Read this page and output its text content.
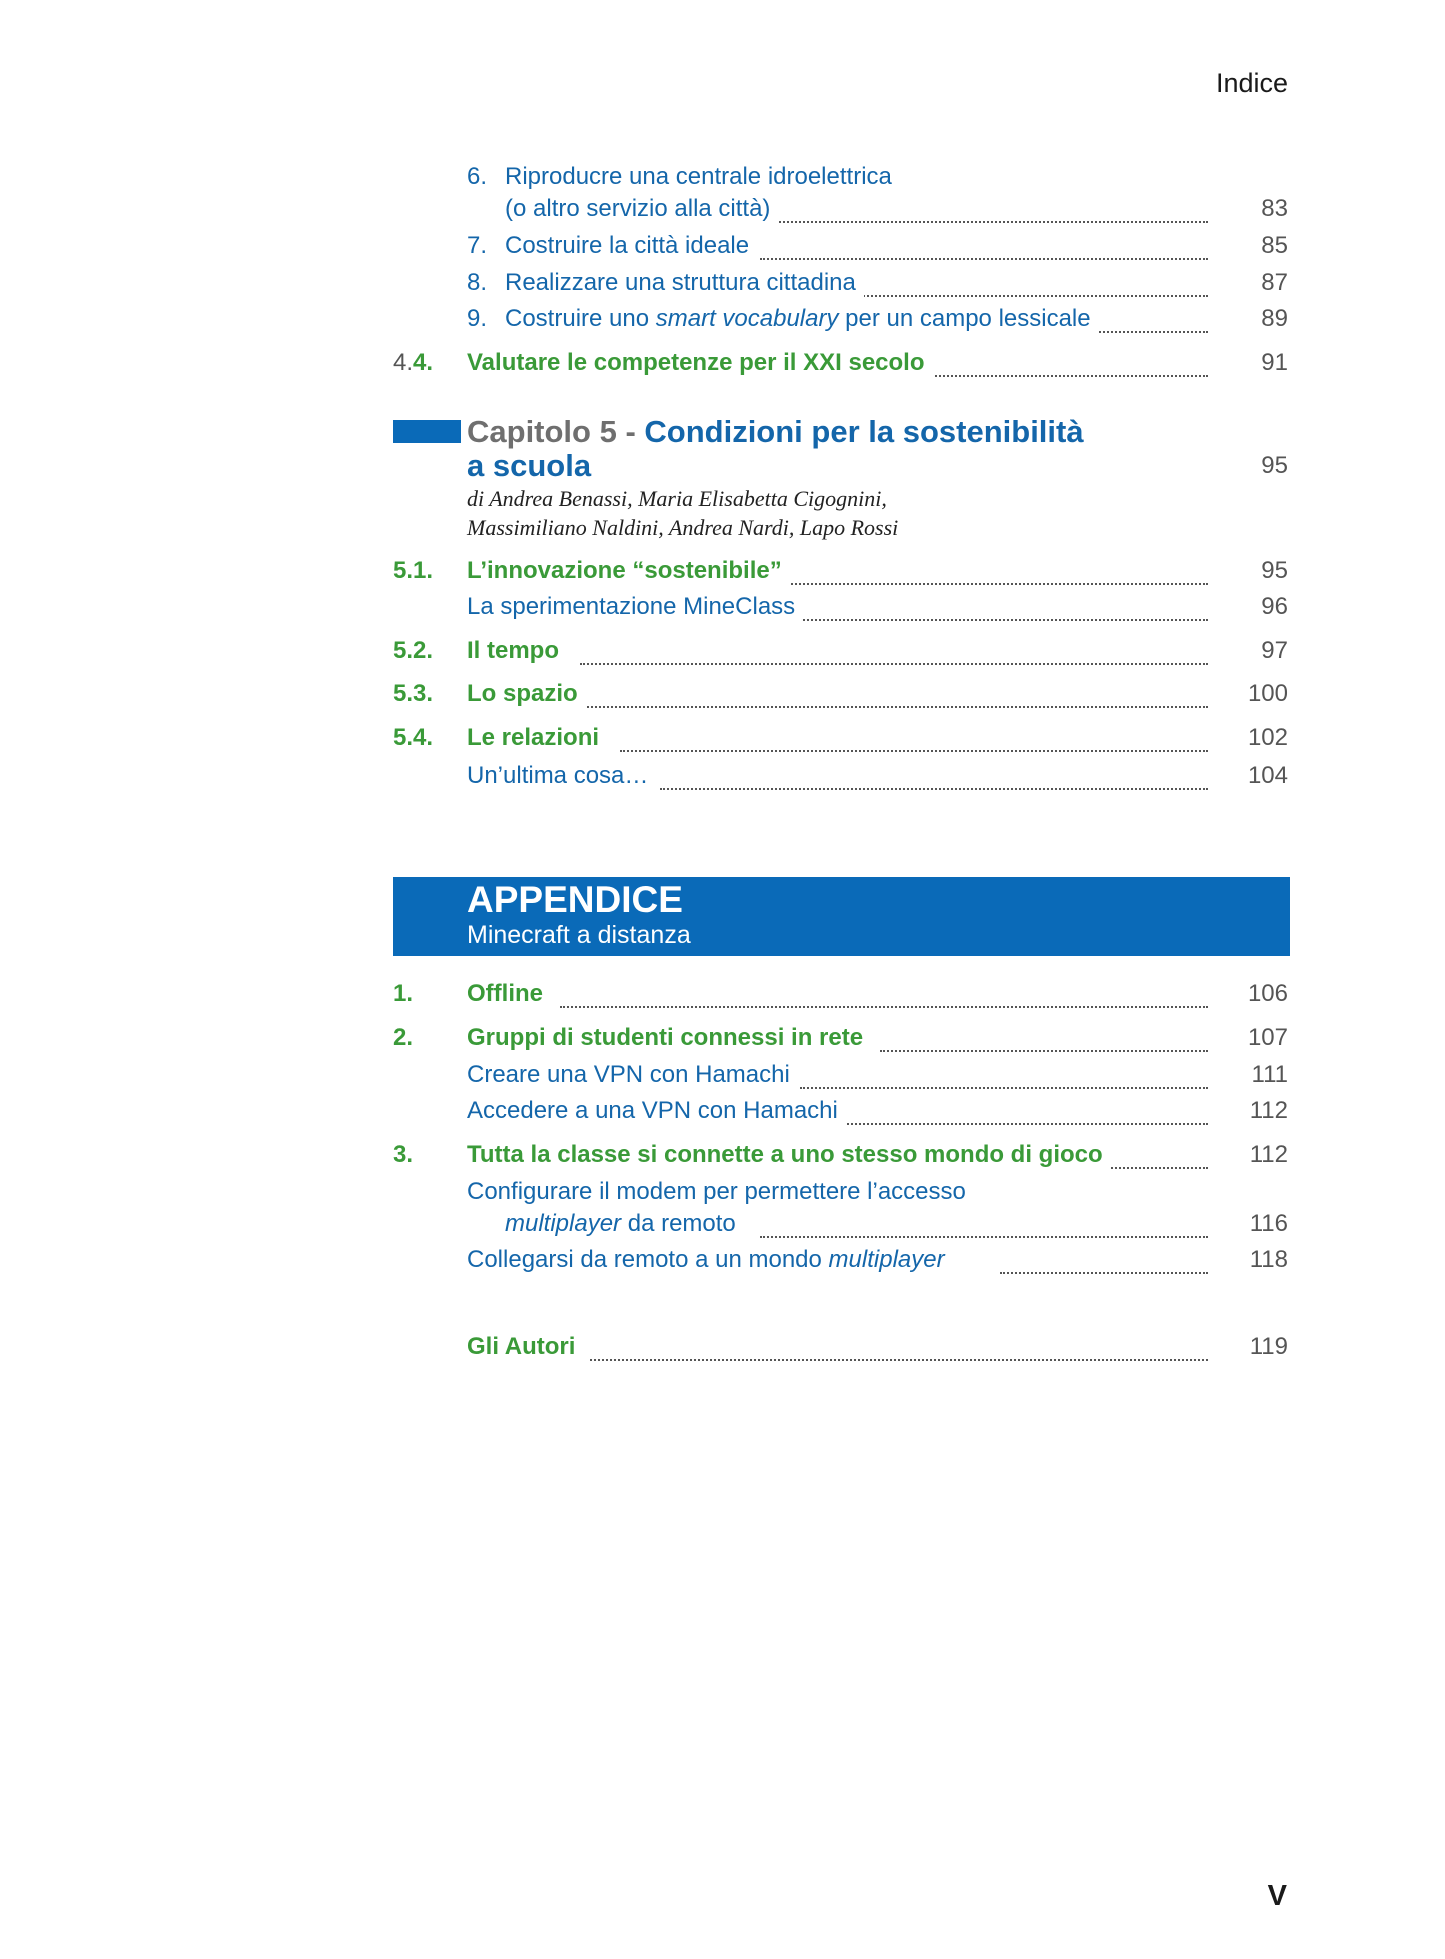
Indice
6. Riproducre una centrale idroelettrica
(o altro servizio alla città)	83
7. Costruire la città ideale	85
8. Realizzare una struttura cittadina	87
9. Costruire uno smart vocabulary per un campo lessicale	89
4.4. Valutare le competenze per il XXI secolo	91
Capitolo 5 - Condizioni per la sostenibilità
a scuola	95
di Andrea Benassi, Maria Elisabetta Cigognini,
Massimiliano Naldini, Andrea Nardi, Lapo Rossi
5.1. L’innovazione “sostenibile”	95
La sperimentazione MineClass	96
5.2. Il tempo	97
5.3. Lo spazio	100
5.4. Le relazioni	102
Un’ultima cosa…	104
APPENDICE
Minecraft a distanza
1. Offline	106
2. Gruppi di studenti connessi in rete	107
Creare una VPN con Hamachi	111
Accedere a una VPN con Hamachi	112
3. Tutta la classe si connette a uno stesso mondo di gioco	112
Configurare il modem per permettere l’accesso
multiplayer da remoto	116
Collegarsi da remoto a un mondo multiplayer	118
Gli Autori	119
V
